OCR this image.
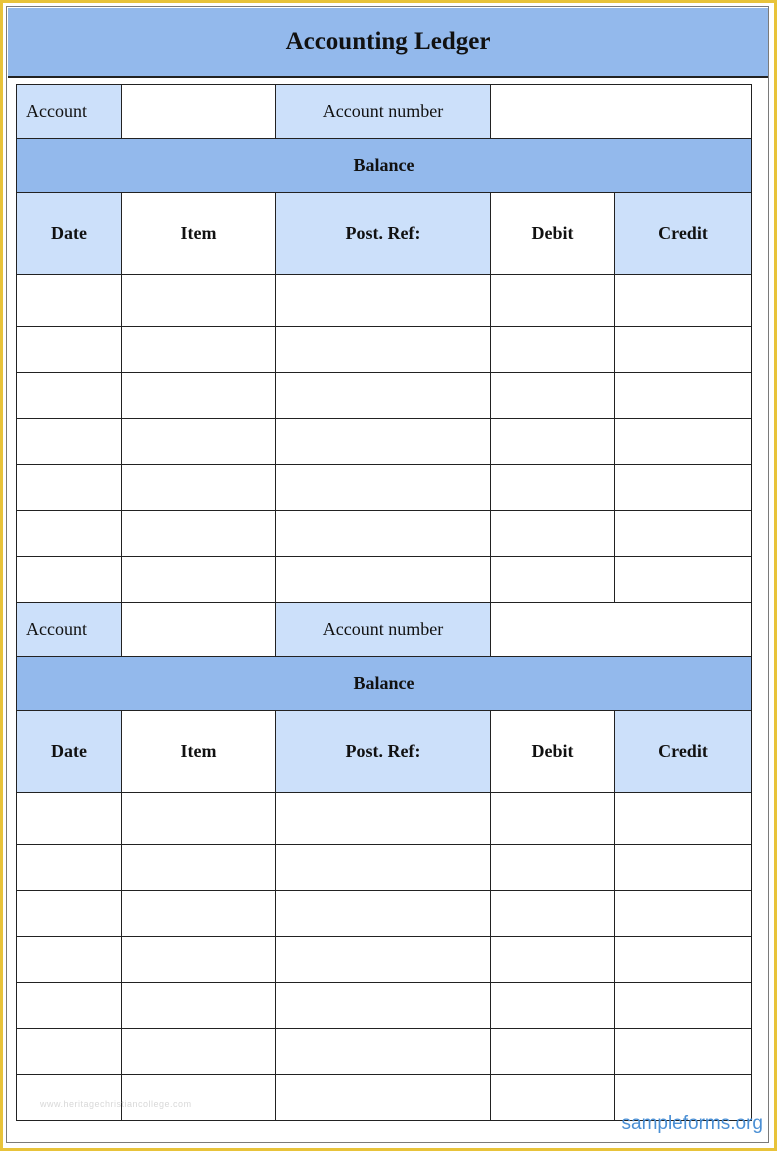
Accounting Ledger
Account		Account number		
Balance				
Date	Item	Post. Ref:	Debit	Credit

Account		Account number		
Balance				
Date	Item	Post. Ref:	Debit	Credit

www.heritagechristiancollege.com
sampleforms.org
